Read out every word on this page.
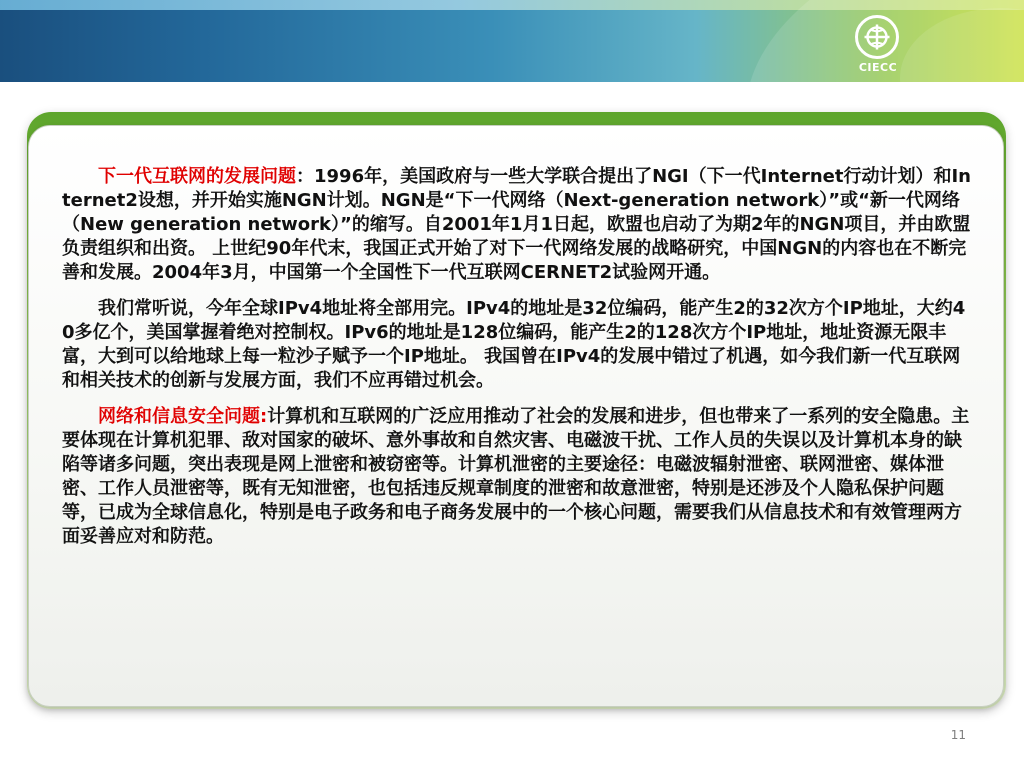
CIECC

下一代互联网的发展问题：1996年，美国政府与一些大学联合提出了NGI（下一代Internet行动计划）和Internet2设想，并开始实施NGN计划。NGN是“下一代网络（Next-generation network）”或“新一代网络（New generation network）”的缩写。自2001年1月1日起，欧盟也启动了为期2年的NGN项目，并由欧盟负责组织和出资。 上世纪90年代末，我国正式开始了对下一代网络发展的战略研究，中国NGN的内容也在不断完善和发展。2004年3月，中国第一个全国性下一代互联网CERNET2试验网开通。

我们常听说，今年全球IPv4地址将全部用完。IPv4的地址是32位编码，能产生2的32次方个IP地址，大约40多亿个，美国掌握着绝对控制权。IPv6的地址是128位编码，能产生2的128次方个IP地址，地址资源无限丰富，大到可以给地球上每一粒沙子赋予一个IP地址。 我国曾在IPv4的发展中错过了机遇，如今我们新一代互联网和相关技术的创新与发展方面，我们不应再错过机会。

网络和信息安全问题:计算机和互联网的广泛应用推动了社会的发展和进步，但也带来了一系列的安全隐患。主要体现在计算机犯罪、敌对国家的破坏、意外事故和自然灾害、电磁波干扰、工作人员的失误以及计算机本身的缺陷等诸多问题，突出表现是网上泄密和被窃密等。计算机泄密的主要途径：电磁波辐射泄密、联网泄密、媒体泄密、工作人员泄密等，既有无知泄密，也包括违反规章制度的泄密和故意泄密，特别是还涉及个人隐私保护问题等，已成为全球信息化，特别是电子政务和电子商务发展中的一个核心问题，需要我们从信息技术和有效管理两方面妥善应对和防范。

11
